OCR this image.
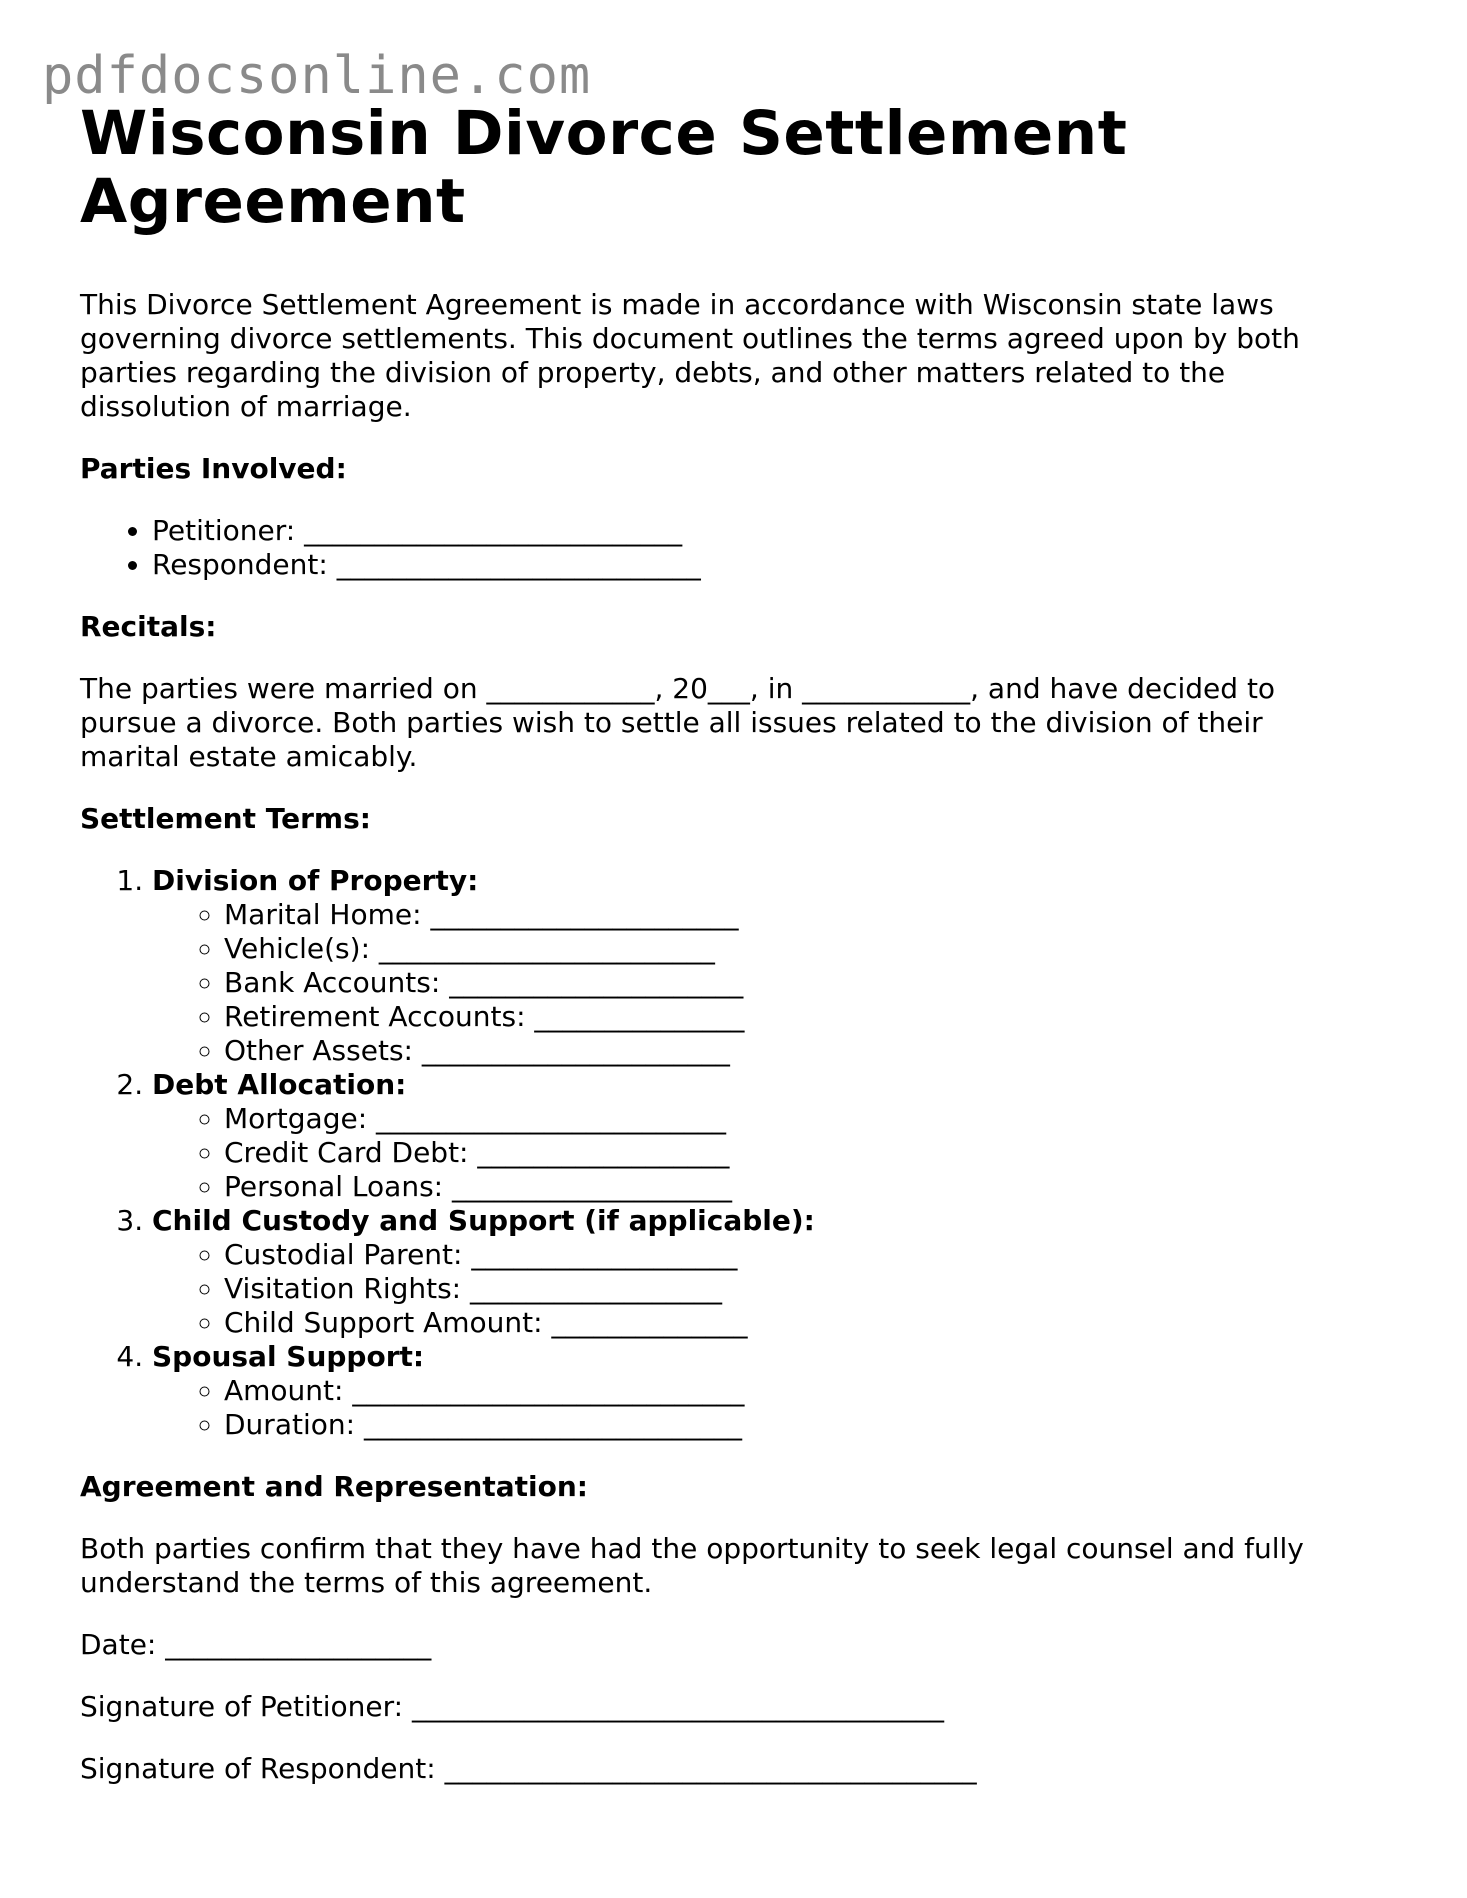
pdfdocsonline.com
Wisconsin Divorce Settlement Agreement

This Divorce Settlement Agreement is made in accordance with Wisconsin state laws governing divorce settlements. This document outlines the terms agreed upon by both parties regarding the division of property, debts, and other matters related to the dissolution of marriage.

Parties Involved:
• Petitioner: ___________________________
• Respondent: __________________________
Recitals:

The parties were married on ____________, 20___, in ____________, and have decided to pursue a divorce. Both parties wish to settle all issues related to the division of their marital estate amicably.

Settlement Terms:
1. Division of Property:
◦ Marital Home: ______________________
◦ Vehicle(s): ________________________
◦ Bank Accounts: _____________________
◦ Retirement Accounts: _______________
◦ Other Assets: ______________________
2. Debt Allocation:
◦ Mortgage: _________________________
◦ Credit Card Debt: __________________
◦ Personal Loans: ____________________
3. Child Custody and Support (if applicable):
◦ Custodial Parent: ___________________
◦ Visitation Rights: __________________
◦ Child Support Amount: ______________
4. Spousal Support:
◦ Amount: ____________________________
◦ Duration: ___________________________
Agreement and Representation:

Both parties confirm that they have had the opportunity to seek legal counsel and fully understand the terms of this agreement.

Date: ___________________

Signature of Petitioner: ______________________________________

Signature of Respondent: ______________________________________
